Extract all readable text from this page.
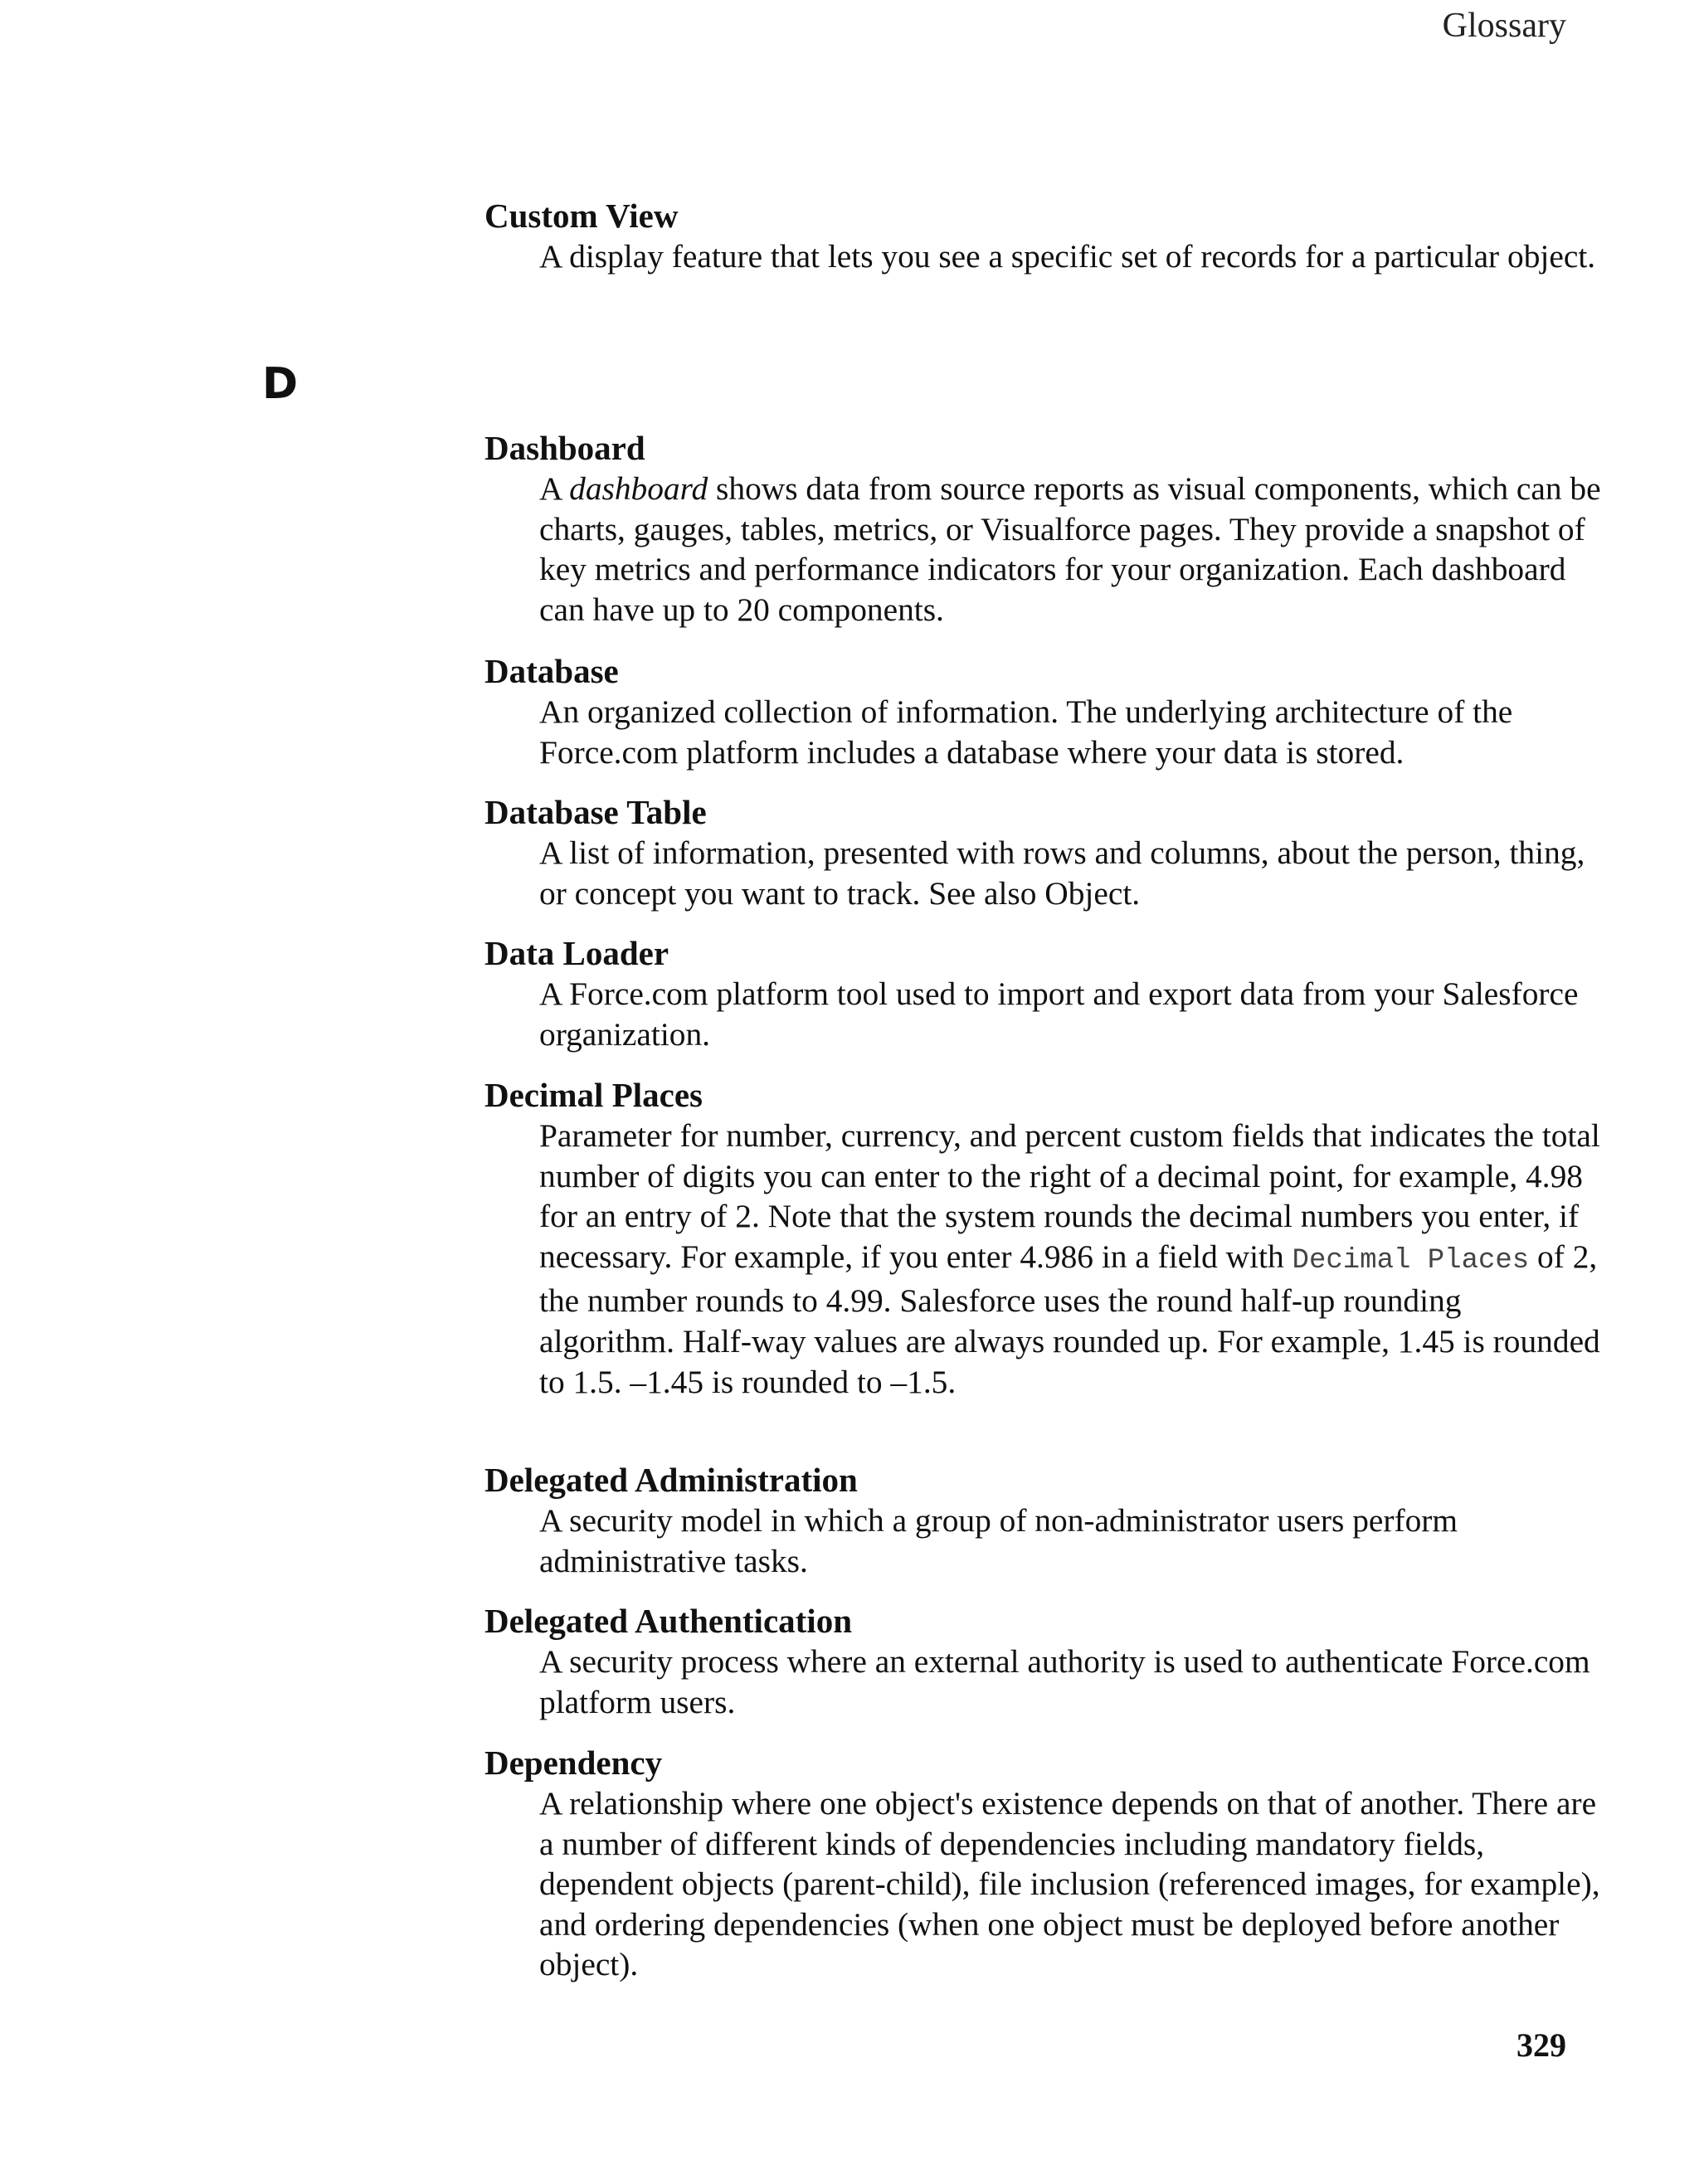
Glossary

Custom View

A display feature that lets you see a specific set of records for a particular object.

D

Dashboard

A dashboard shows data from source reports as visual components, which can be charts, gauges, tables, metrics, or Visualforce pages. They provide a snapshot of key metrics and performance indicators for your organization. Each dashboard can have up to 20 components.

Database

An organized collection of information. The underlying architecture of the Force.com platform includes a database where your data is stored.

Database Table

A list of information, presented with rows and columns, about the person, thing, or concept you want to track. See also Object.

Data Loader

A Force.com platform tool used to import and export data from your Salesforce organization.

Decimal Places

Parameter for number, currency, and percent custom fields that indicates the total number of digits you can enter to the right of a decimal point, for example, 4.98 for an entry of 2. Note that the system rounds the decimal numbers you enter, if necessary. For example, if you enter 4.986 in a field with Decimal Places of 2, the number rounds to 4.99. Salesforce uses the round half-up rounding algorithm. Half-way values are always rounded up. For example, 1.45 is rounded to 1.5. –1.45 is rounded to –1.5.

Delegated Administration

A security model in which a group of non-administrator users perform administrative tasks.

Delegated Authentication

A security process where an external authority is used to authenticate Force.com platform users.

Dependency

A relationship where one object's existence depends on that of another. There are a number of different kinds of dependencies including mandatory fields, dependent objects (parent-child), file inclusion (referenced images, for example), and ordering dependencies (when one object must be deployed before another object).

329
